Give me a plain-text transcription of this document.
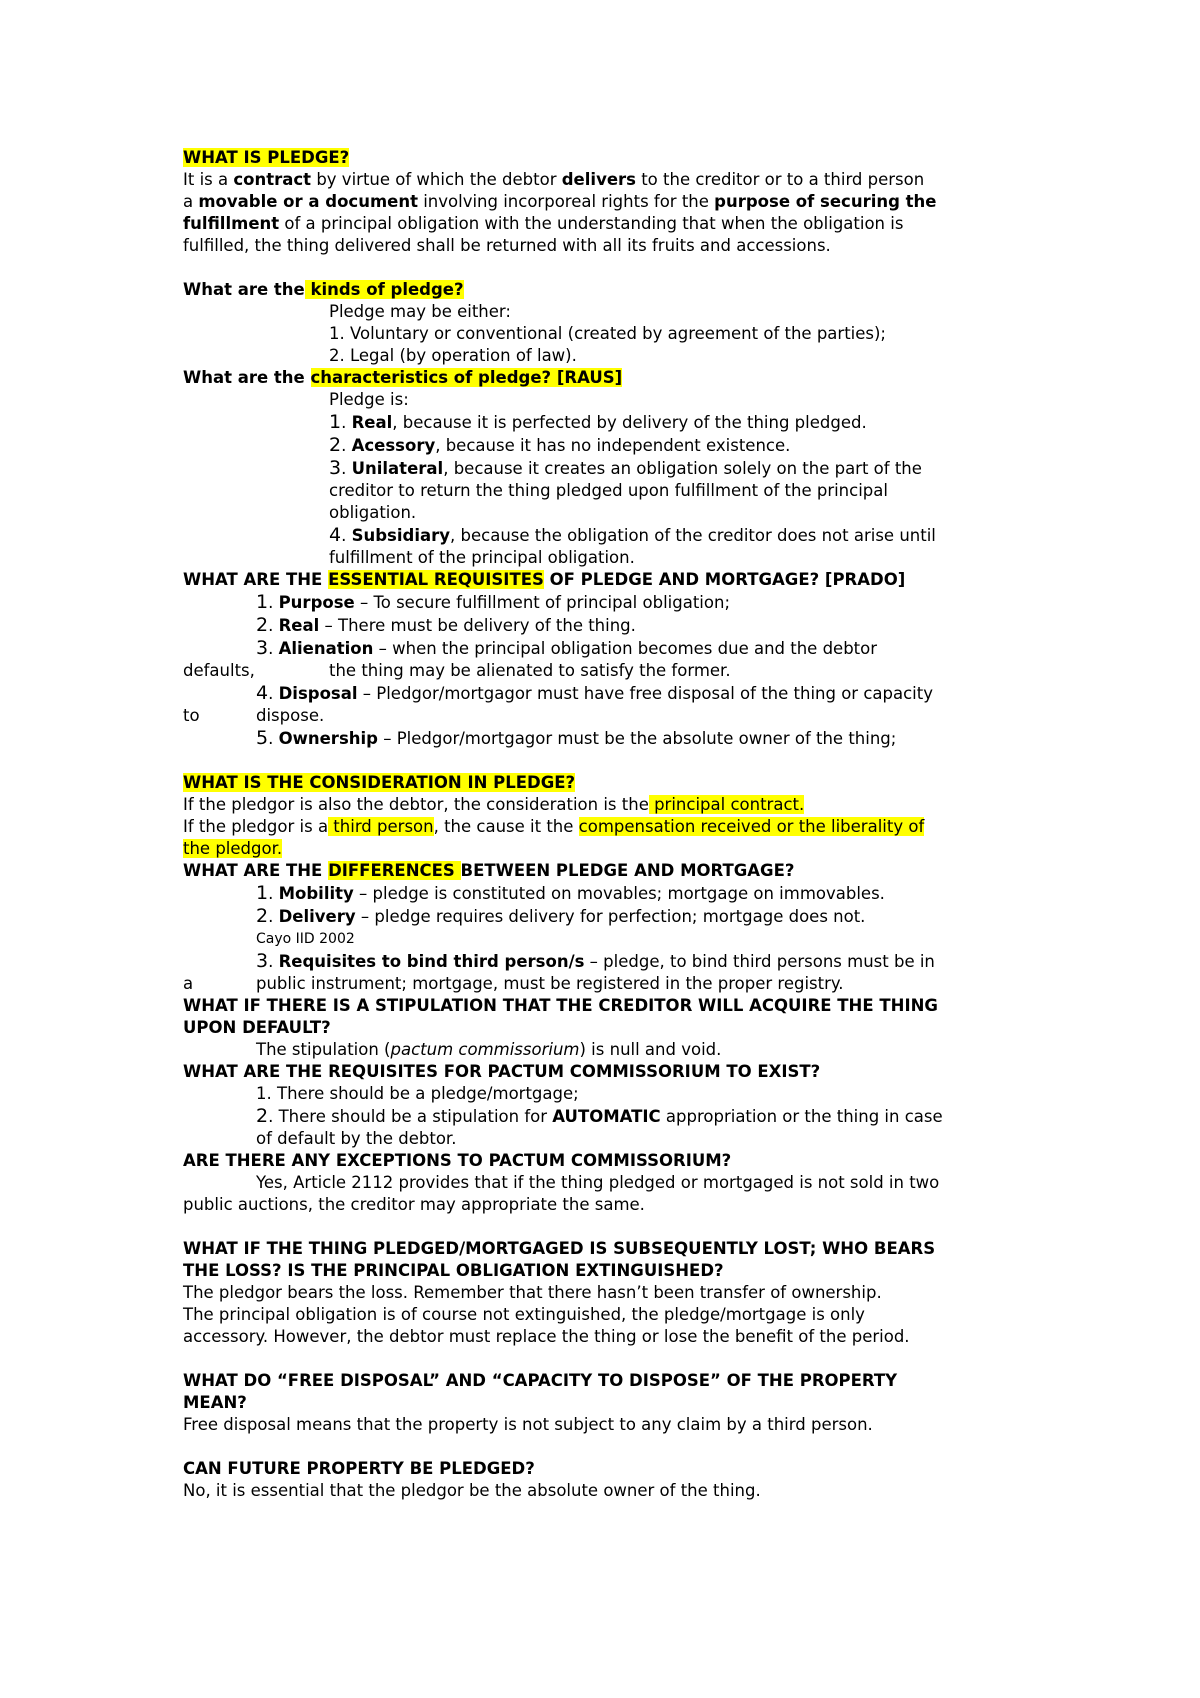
WHAT IS PLEDGE?
It is a contract by virtue of which the debtor delivers to the creditor or to a third person
a movable or a document involving incorporeal rights for the purpose of securing the
fulfillment of a principal obligation with the understanding that when the obligation is
fulfilled, the thing delivered shall be returned with all its fruits and accessions.
What are the kinds of pledge?
Pledge may be either:
1. Voluntary or conventional (created by agreement of the parties);
2. Legal (by operation of law).
What are the characteristics of pledge? [RAUS]
Pledge is:
1. Real, because it is perfected by delivery of the thing pledged.
2. Acessory, because it has no independent existence.
3. Unilateral, because it creates an obligation solely on the part of the
creditor to return the thing pledged upon fulfillment of the principal
obligation.
4. Subsidiary, because the obligation of the creditor does not arise until
fulfillment of the principal obligation.
WHAT ARE THE ESSENTIAL REQUISITES OF PLEDGE AND MORTGAGE? [PRADO]
1. Purpose – To secure fulfillment of principal obligation;
2. Real – There must be delivery of the thing.
3. Alienation – when the principal obligation becomes due and the debtor
defaults,	the thing may be alienated to satisfy the former.
4. Disposal – Pledgor/mortgagor must have free disposal of the thing or capacity
to	dispose.
5. Ownership – Pledgor/mortgagor must be the absolute owner of the thing;
WHAT IS THE CONSIDERATION IN PLEDGE?
If the pledgor is also the debtor, the consideration is the principal contract.
If the pledgor is a third person, the cause it the compensation received or the liberality of
the pledgor.
WHAT ARE THE DIFFERENCES BETWEEN PLEDGE AND MORTGAGE?
1. Mobility – pledge is constituted on movables; mortgage on immovables.
2. Delivery – pledge requires delivery for perfection; mortgage does not.
Cayo IID 2002
3. Requisites to bind third person/s – pledge, to bind third persons must be in
a	public instrument; mortgage, must be registered in the proper registry.
WHAT IF THERE IS A STIPULATION THAT THE CREDITOR WILL ACQUIRE THE THING
UPON DEFAULT?
The stipulation (pactum commissorium) is null and void.
WHAT ARE THE REQUISITES FOR PACTUM COMMISSORIUM TO EXIST?
1. There should be a pledge/mortgage;
2. There should be a stipulation for AUTOMATIC appropriation or the thing in case
of default by the debtor.
ARE THERE ANY EXCEPTIONS TO PACTUM COMMISSORIUM?
Yes, Article 2112 provides that if the thing pledged or mortgaged is not sold in two
public auctions, the creditor may appropriate the same.
WHAT IF THE THING PLEDGED/MORTGAGED IS SUBSEQUENTLY LOST; WHO BEARS
THE LOSS? IS THE PRINCIPAL OBLIGATION EXTINGUISHED?
The pledgor bears the loss. Remember that there hasn’t been transfer of ownership.
The principal obligation is of course not extinguished, the pledge/mortgage is only
accessory. However, the debtor must replace the thing or lose the benefit of the period.
WHAT DO “FREE DISPOSAL” AND “CAPACITY TO DISPOSE” OF THE PROPERTY
MEAN?
Free disposal means that the property is not subject to any claim by a third person.
CAN FUTURE PROPERTY BE PLEDGED?
No, it is essential that the pledgor be the absolute owner of the thing.
